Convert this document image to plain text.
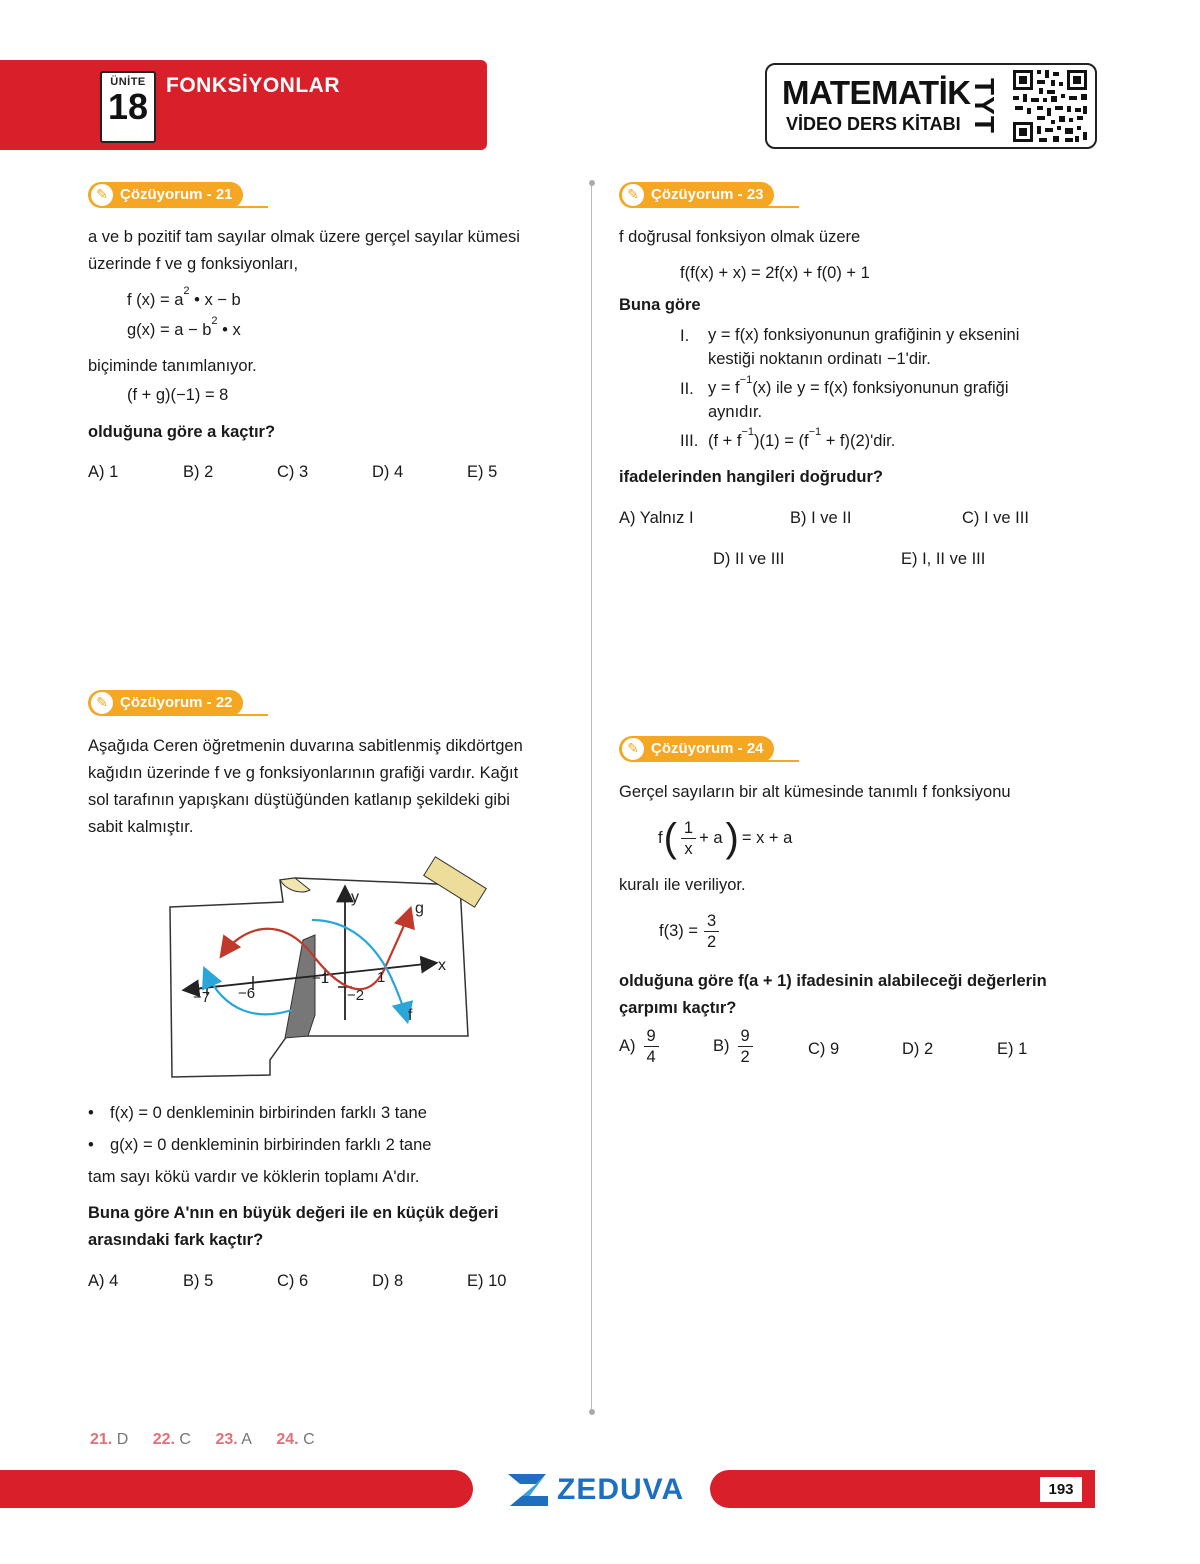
ÜNİTE
18
FONKSİYONLAR	MATEMATİK
VİDEO DERS KİTABI TYT
Çözüyorum - 21
✎
a ve b pozitif tam sayılar olmak üzere gerçel sayılar kümesi
üzerinde f ve g fonksiyonları,
f $(x) = a^2$ • x − b
$g(x) = a - b^2$ • x
biçiminde tanımlanıyor.
(f + g)(−1) = 8
olduğuna göre a kaçtır?
A) 1	B) 2	C) 3	D) 4	E) 5
Çözüyorum - 22
✎
Aşağıda Ceren öğretmenin duvarına sabitlenmiş dikdörtgen
kağıdın üzerinde f ve g fonksiyonlarının grafiği vardır. Kağıt
sol tarafının yapışkanı düştüğünden katlanıp şekildeki gibi
sabit kalmıştır.
y
x
g
f
−7 −6
−1
−2
1
• f(x) = 0 denkleminin birbirinden farklı 3 tane
• g(x) = 0 denkleminin birbirinden farklı 2 tane
tam sayı kökü vardır ve köklerin toplamı A'dır.
Buna göre A'nın en büyük değeri ile en küçük değeri
arasındaki fark kaçtır?
A) 4	B) 5	C) 6	D) 8	E) 10
Çözüyorum - 23
✎
f doğrusal fonksiyon olmak üzere
f(f(x) + x) = 2f(x) + f(0) + 1
Buna göre
I. y = f(x) fonksiyonunun grafiğinin y eksenini
kestiği noktanın ordinatı −1'dir.
II. $y = f^{-1}(x)$ ile y = f(x) fonksiyonunun grafiği
aynıdır.
III. $(f + f^{-1})(1) = (f^{-1} + f)(2)'dir$.
ifadelerinden hangileri doğrudur?
A) Yalnız I	B) I ve II	C) I ve III
D) II ve III	E) I, II ve III
Çözüyorum - 24
✎
Gerçel sayıların bir alt kümesinde tanımlı f fonksiyonu
f ( $\frac{1}{x} + a$ ) = x + a
kuralı ile veriliyor.
$f(3) = \frac{3}{2}$
olduğuna göre f(a + 1) ifadesinin alabileceği değerlerin
çarpımı kaçtır?
$A) \frac{9}{4}$	$B) \frac{9}{2}$	C) 9	D) 2	E) 1
21. D 22. C 23. A 24. C
193
ZEDUVA
